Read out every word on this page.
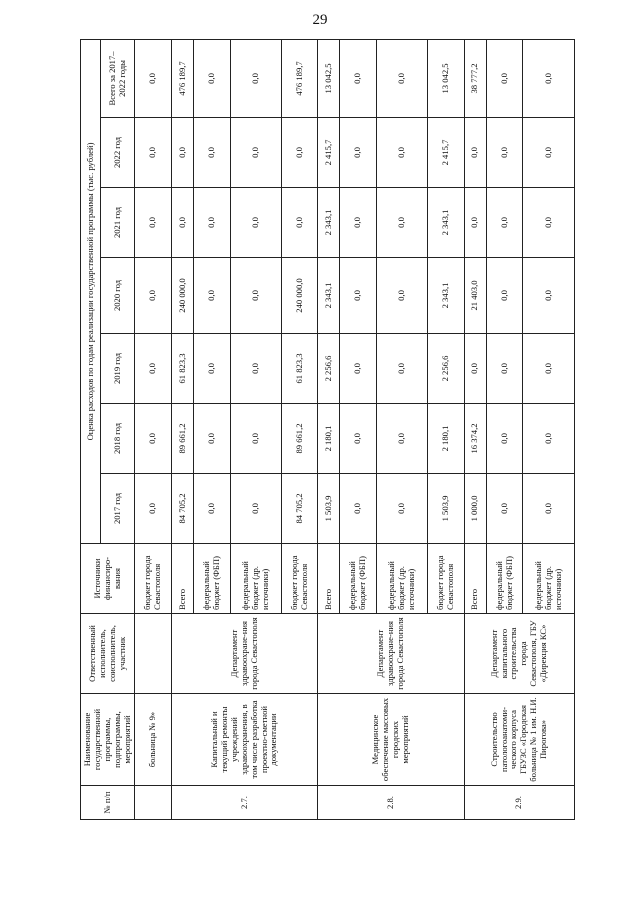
29
№ п/п	Наименование государственной программы, подпрограммы, мероприятий	Ответственный исполнитель, соисполнитель, участник	Источники финансиро-вания	Оценка расходов по годам реализации государственной программы (тыс. рублей)						
				2017 год	2018 год	2019 год	2020 год	2021 год	2022 год	Всего за 2017–2022 годы
	больница № 9»		бюджет города Севастополя	0,0	0,0	0,0	0,0	0,0	0,0	0,0
2.7.	Капитальный и текущий ремонты учреждений здравоохранения, в том числе разработка проектно-сметной документации	Департамент здравоохране-ния города Севастополя	Всего	84 705,2	89 661,2	61 823,3	240 000,0	0,0	0,0	476 189,7
			федеральный бюджет (ФБП)	0,0	0,0	0,0	0,0	0,0	0,0	0,0
			федеральный бюджет (др. источники)	0,0	0,0	0,0	0,0	0,0	0,0	0,0
			бюджет города Севастополя	84 705,2	89 661,2	61 823,3	240 000,0	0,0	0,0	476 189,7
2.8.	Медицинское обеспечение массовых городских мероприятий	Департамент здравоохране-ния города Севастополя	Всего	1 503,9	2 180,1	2 256,6	2 343,1	2 343,1	2 415,7	13 042,5
			федеральный бюджет (ФБП)	0,0	0,0	0,0	0,0	0,0	0,0	0,0
			федеральный бюджет (др. источники)	0,0	0,0	0,0	0,0	0,0	0,0	0,0
			бюджет города Севастополя	1 503,9	2 180,1	2 256,6	2 343,1	2 343,1	2 415,7	13 042,5
2.9.	Строительство патологоанатоми-ческого корпуса ГБУЗС «Городская больница № 1 им. Н.И. Пирогова»	Департамент капитального строительства города Севастополя, ГБУ «Дирекция КС»	Всего	1 000,0	16 374,2	0,0	21 403,0	0,0	0,0	38 777,2
			федеральный бюджет (ФБП)	0,0	0,0	0,0	0,0	0,0	0,0	0,0
			федеральный бюджет (др. источники)	0,0	0,0	0,0	0,0	0,0	0,0	0,0
